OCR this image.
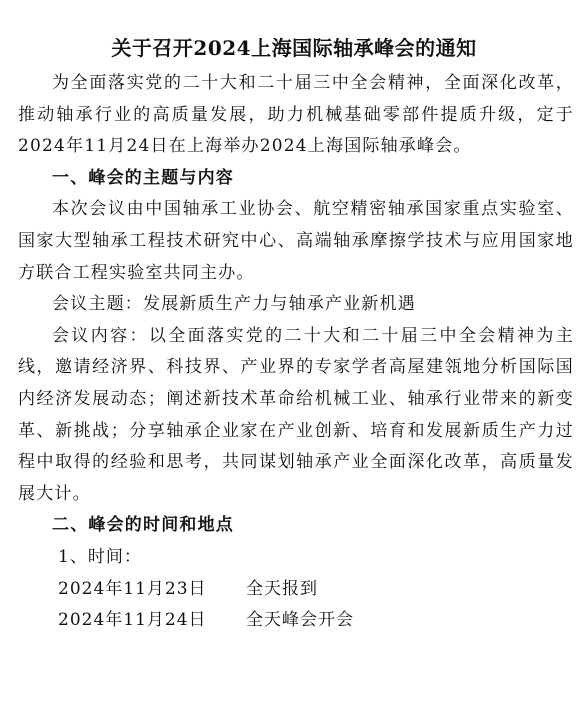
关于召开2024上海国际轴承峰会的通知

为全面落实党的二十大和二十届三中全会精神，全面深化改革，推动轴承行业的高质量发展，助力机械基础零部件提质升级，定于2024年11月24日在上海举办2024上海国际轴承峰会。

一、峰会的主题与内容

本次会议由中国轴承工业协会、航空精密轴承国家重点实验室、国家大型轴承工程技术研究中心、高端轴承摩擦学技术与应用国家地方联合工程实验室共同主办。

会议主题：发展新质生产力与轴承产业新机遇

会议内容：以全面落实党的二十大和二十届三中全会精神为主线，邀请经济界、科技界、产业界的专家学者高屋建瓴地分析国际国内经济发展动态；阐述新技术革命给机械工业、轴承行业带来的新变革、新挑战；分享轴承企业家在产业创新、培育和发展新质生产力过程中取得的经验和思考，共同谋划轴承产业全面深化改革，高质量发展大计。

二、峰会的时间和地点

1、时间：

2024年11月23日 全天报到

2024年11月24日 全天峰会开会
